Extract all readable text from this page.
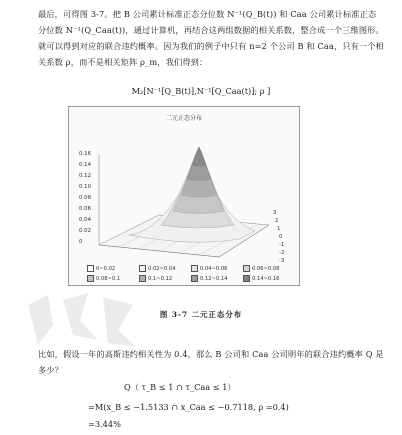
最后，可得图 3-7。把 B 公司累计标准正态分位数 N⁻¹(Q_B(t)) 和 Caa 公司累计标准正态分位数 N⁻¹(Q_Caa(t))，通过计算机，再结合这两组数据的相关系数，整合成一个三维图形。就可以得到对应的联合违约概率。因为我们的例子中只有 n=2 个公司 B 和 Caa，只有一个相关系数 ρ，而不是相关矩阵 ρ_m，我们得到：

M₂[N⁻¹[Q_B(t)],N⁻¹[Q_Caa(t)]; ρ ]
二元正态分布
0.16
0.14
0.12
0.10
0.08
0.06
0.04
0.02
0
3
2
1
0
-1
-2
-3
0~0.02	0.02~0.04	0.04~0.06	0.06~0.08
0.08~0.1	0.1~0.12	0.12~0.14	0.14~0.16
图 3-7 二元正态分布

比如，假设一年的高斯违约相关性为 0.4，那么 B 公司和 Caa 公司明年的联合违约概率 Q 是多少？

Q（ τ_B ≤ 1 ∩ τ_Caa ≤ 1）
=M(x_B ≤ −1.5133 ∩ x_Caa ≤ −0.7118, ρ =0.4)
=3.44%
